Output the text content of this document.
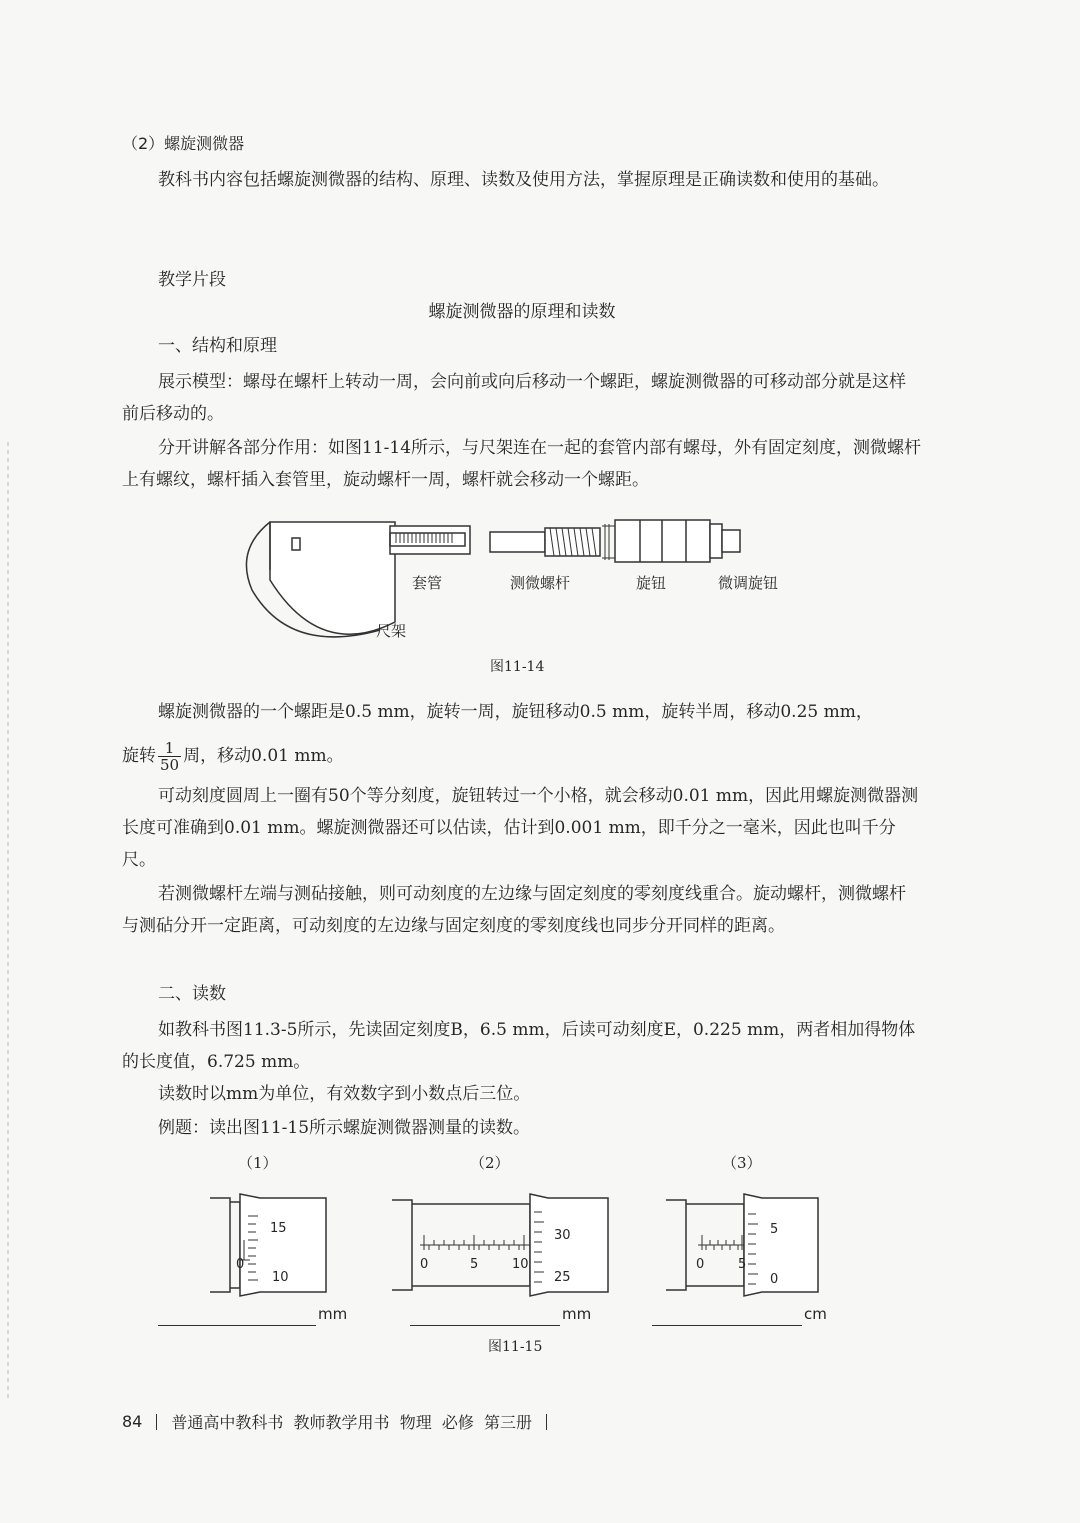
（2）螺旋测微器

教科书内容包括螺旋测微器的结构、原理、读数及使用方法，掌握原理是正确读数和使用的基础。

教学片段

螺旋测微器的原理和读数

一、结构和原理

展示模型：螺母在螺杆上转动一周，会向前或向后移动一个螺距，螺旋测微器的可移动部分就是这样前后移动的。

分开讲解各部分作用：如图11-14所示，与尺架连在一起的套管内部有螺母，外有固定刻度，测微螺杆上有螺纹，螺杆插入套管里，旋动螺杆一周，螺杆就会移动一个螺距。

套管	测微螺杆	旋钮	微调旋钮
尺架
图11-14

螺旋测微器的一个螺距是0.5 mm，旋转一周，旋钮移动0.5 mm，旋转半周，移动0.25 mm，

旋转 $\frac{1}{50}$ 周，移动0.01 mm。

可动刻度圆周上一圈有50个等分刻度，旋钮转过一个小格，就会移动0.01 mm，因此用螺旋测微器测长度可准确到0.01 mm。螺旋测微器还可以估读，估计到0.001 mm，即千分之一毫米，因此也叫千分尺。

若测微螺杆左端与测砧接触，则可动刻度的左边缘与固定刻度的零刻度线重合。旋动螺杆，测微螺杆与测砧分开一定距离，可动刻度的左边缘与固定刻度的零刻度线也同步分开同样的距离。

二、读数

如教科书图11.3-5所示，先读固定刻度B，6.5 mm，后读可动刻度E，0.225 mm，两者相加得物体的长度值，6.725 mm。

读数时以mm为单位，有效数字到小数点后三位。

例题：读出图11-15所示螺旋测微器测量的读数。

（1）	（2）	（3）
15
10
0
mm
0	5	10
30
25
mm
0	5
5
0
cm
图11-15
84 普通高中教科书  教师教学用书  物理  必修  第三册
